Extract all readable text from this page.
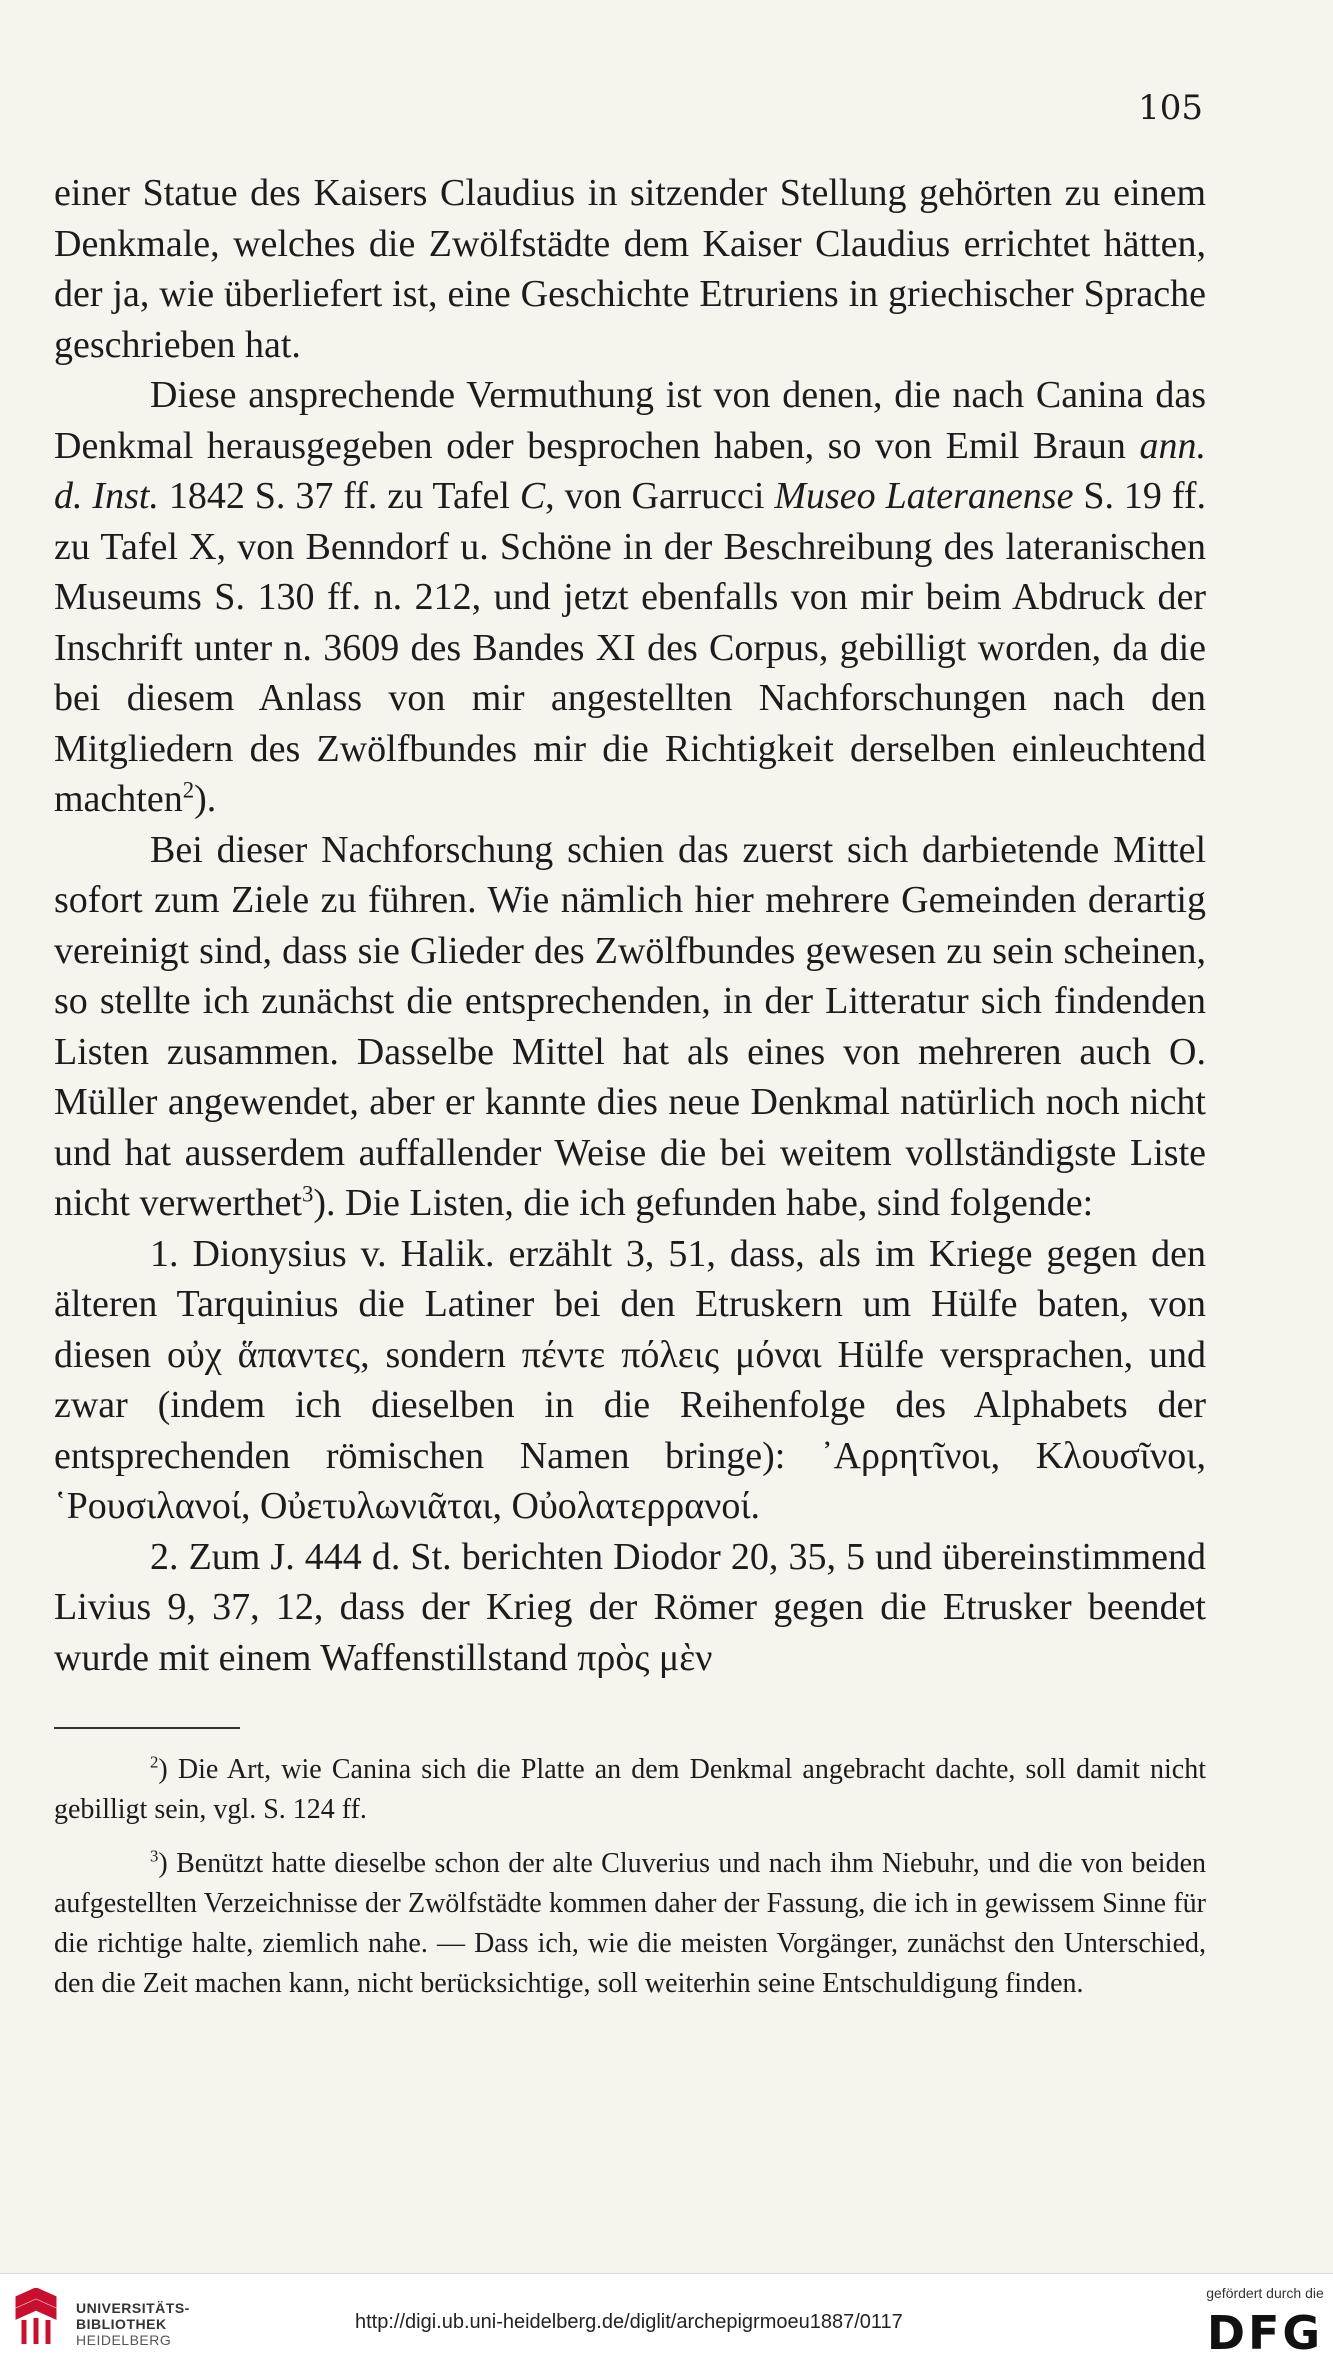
105

einer Statue des Kaisers Claudius in sitzender Stellung gehörten zu einem Denkmale, welches die Zwölfstädte dem Kaiser Claudius errichtet hätten, der ja, wie überliefert ist, eine Geschichte Etruriens in griechischer Sprache geschrieben hat.

Diese ansprechende Vermuthung ist von denen, die nach Canina das Denkmal herausgegeben oder besprochen haben, so von Emil Braun ann. d. Inst. 1842 S. 37 ff. zu Tafel C, von Garrucci Museo Lateranense S. 19 ff. zu Tafel X, von Benndorf u. Schöne in der Beschreibung des lateranischen Museums S. 130 ff. n. 212, und jetzt ebenfalls von mir beim Abdruck der Inschrift unter n. 3609 des Bandes XI des Corpus, gebilligt worden, da die bei diesem Anlass von mir angestellten Nachforschungen nach den Mitgliedern des Zwölfbundes mir die Richtigkeit derselben einleuchtend machten$^2$).

Bei dieser Nachforschung schien das zuerst sich darbietende Mittel sofort zum Ziele zu führen. Wie nämlich hier mehrere Gemeinden derartig vereinigt sind, dass sie Glieder des Zwölfbundes gewesen zu sein scheinen, so stellte ich zunächst die entsprechenden, in der Litteratur sich findenden Listen zusammen. Dasselbe Mittel hat als eines von mehreren auch O. Müller angewendet, aber er kannte dies neue Denkmal natürlich noch nicht und hat ausserdem auffallender Weise die bei weitem vollständigste Liste nicht verwerthet$^3$). Die Listen, die ich gefunden habe, sind folgende:

1. Dionysius v. Halik. erzählt 3, 51, dass, als im Kriege gegen den älteren Tarquinius die Latiner bei den Etruskern um Hülfe baten, von diesen οὐχ ἅπαντες, sondern πέντε πόλεις μόναι Hülfe versprachen, und zwar (indem ich dieselben in die Reihenfolge des Alphabets der entsprechenden römischen Namen bringe): ᾿Αρρητῖνοι, Κλουσῖνοι, ῾Ρουσιλανοί, Οὐετυλωνιᾶται, Οὐολατερρανοί.

2. Zum J. 444 d. St. berichten Diodor 20, 35, 5 und übereinstimmend Livius 9, 37, 12, dass der Krieg der Römer gegen die Etrusker beendet wurde mit einem Waffenstillstand πρὸς μὲν

$^2$) Die Art, wie Canina sich die Platte an dem Denkmal angebracht dachte, soll damit nicht gebilligt sein, vgl. S. 124 ff.

$^3$) Benützt hatte dieselbe schon der alte Cluverius und nach ihm Niebuhr, und die von beiden aufgestellten Verzeichnisse der Zwölfstädte kommen daher der Fassung, die ich in gewissem Sinne für die richtige halte, ziemlich nahe. — Dass ich, wie die meisten Vorgänger, zunächst den Unterschied, den die Zeit machen kann, nicht berücksichtige, soll weiterhin seine Entschuldigung finden.

UNIVERSITÄTS-
BIBLIOTHEK
HEIDELBERG
http://digi.ub.uni-heidelberg.de/diglit/archepigrmoeu1887/0117
gefördert durch die
DFG
